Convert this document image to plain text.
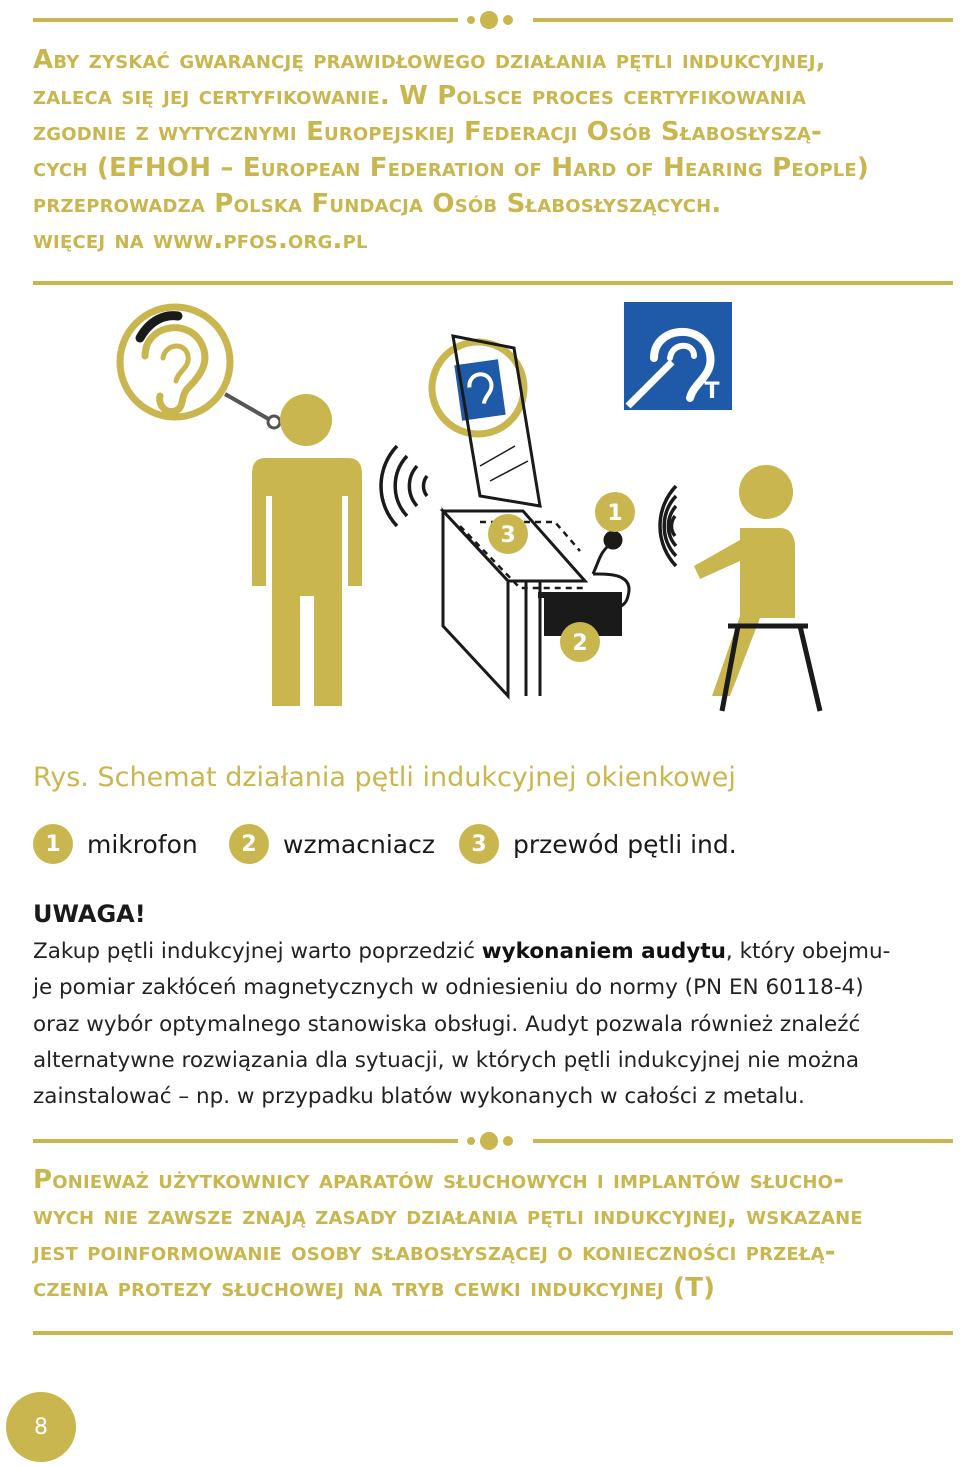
Aby zyskać gwarancję prawidłowego działania pętli indukcyjnej,

zaleca się jej certyfikowanie. W Polsce proces certyfikowania

zgodnie z wytycznymi Europejskiej Federacji Osób Słabosłyszą-

cych (EFHOH – European Federation of Hard of Hearing People)

przeprowadza Polska Fundacja Osób Słabosłyszących.

więcej na www.pfos.org.pl

3
1
2
T
Rys. Schemat działania pętli indukcyjnej okienkowej
1	mikrofon	2	wzmacniacz	3	przewód pętli ind.
UWAGA!

Zakup pętli indukcyjnej warto poprzedzić wykonaniem audytu, który obejmu-

je pomiar zakłóceń magnetycznych w odniesieniu do normy (PN EN 60118-4)

oraz wybór optymalnego stanowiska obsługi. Audyt pozwala również znaleźć

alternatywne rozwiązania dla sytuacji, w których pętli indukcyjnej nie można

zainstalować – np. w przypadku blatów wykonanych w całości z metalu.

Ponieważ użytkownicy aparatów słuchowych i implantów słucho-

wych nie zawsze znają zasady działania pętli indukcyjnej, wskazane

jest poinformowanie osoby słabosłyszącej o konieczności przełą-

czenia protezy słuchowej na tryb cewki indukcyjnej (T)

8
